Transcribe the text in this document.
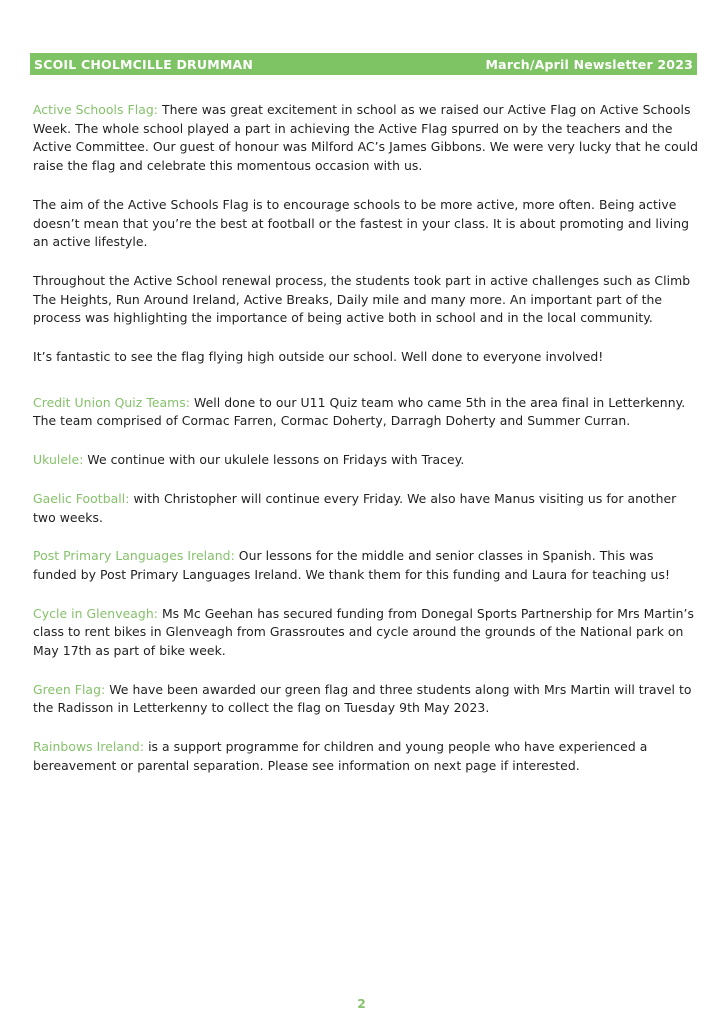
SCOIL CHOLMCILLE DRUMMAN	March/April Newsletter 2023

Active Schools Flag: There was great excitement in school as we raised our Active Flag on Active Schools Week. The whole school played a part in achieving the Active Flag spurred on by the teachers and the Active Committee. Our guest of honour was Milford AC’s James Gibbons. We were very lucky that he could raise the flag and celebrate this momentous occasion with us.

The aim of the Active Schools Flag is to encourage schools to be more active, more often. Being active doesn’t mean that you’re the best at football or the fastest in your class. It is about promoting and living an active lifestyle.

Throughout the Active School renewal process, the students took part in active challenges such as Climb The Heights, Run Around Ireland, Active Breaks, Daily mile and many more. An important part of the process was highlighting the importance of being active both in school and in the local community.

It’s fantastic to see the flag flying high outside our school. Well done to everyone involved!

Credit Union Quiz Teams: Well done to our U11 Quiz team who came 5th in the area final in Letterkenny. The team comprised of Cormac Farren, Cormac Doherty, Darragh Doherty and Summer Curran.

Ukulele: We continue with our ukulele lessons on Fridays with Tracey.

Gaelic Football: with Christopher will continue every Friday. We also have Manus visiting us for another two weeks.

Post Primary Languages Ireland: Our lessons for the middle and senior classes in Spanish. This was funded by Post Primary Languages Ireland. We thank them for this funding and Laura for teaching us!

Cycle in Glenveagh: Ms Mc Geehan has secured funding from Donegal Sports Partnership for Mrs Martin’s class to rent bikes in Glenveagh from Grassroutes and cycle around the grounds of the National park on May 17th as part of bike week.

Green Flag: We have been awarded our green flag and three students along with Mrs Martin will travel to the Radisson in Letterkenny to collect the flag on Tuesday 9th May 2023.

Rainbows Ireland: is a support programme for children and young people who have experienced a bereavement or parental separation. Please see information on next page if interested.

2
